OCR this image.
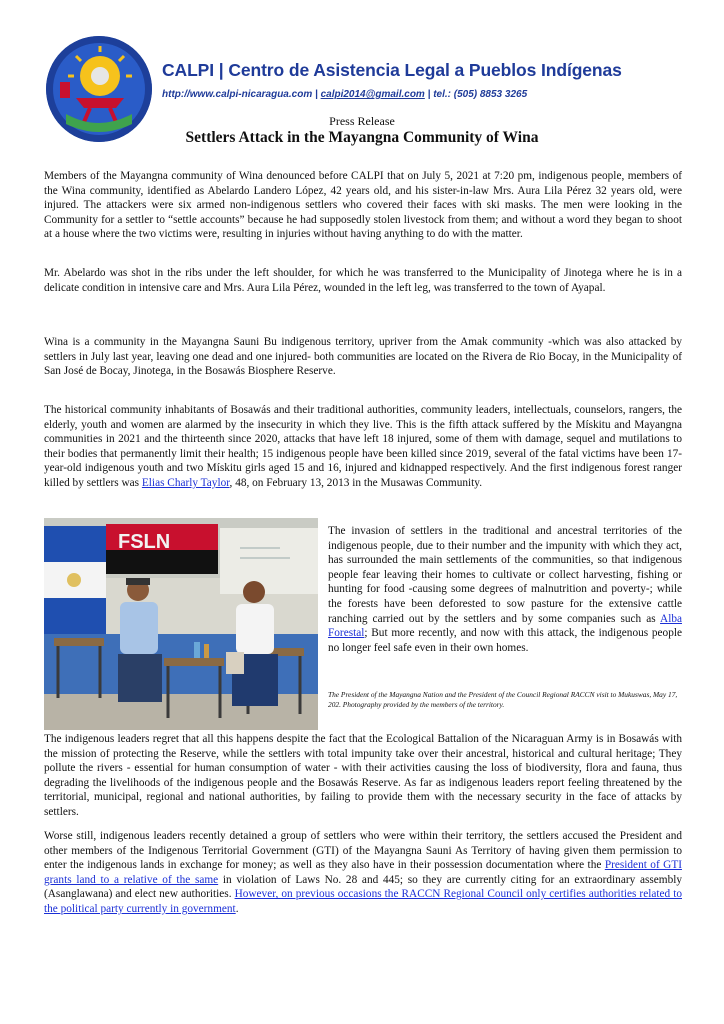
CALPI | Centro de Asistencia Legal a Pueblos Indígenas
http://www.calpi-nicaragua.com | calpi2014@gmail.com | tel.: (505) 8853 3265
Press Release
Settlers Attack in the Mayangna Community of Wina

Members of the Mayangna community of Wina denounced before CALPI that on July 5, 2021 at 7:20 pm, indigenous people, members of the Wina community, identified as Abelardo Landero López, 42 years old, and his sister-in-law Mrs. Aura Lila Pérez 32 years old, were injured. The attackers were six armed non-indigenous settlers who covered their faces with ski masks. The men were looking in the Community for a settler to “settle accounts” because he had supposedly stolen livestock from them; and without a word they began to shoot at a house where the two victims were, resulting in injuries without having anything to do with the matter.

Mr. Abelardo was shot in the ribs under the left shoulder, for which he was transferred to the Municipality of Jinotega where he is in a delicate condition in intensive care and Mrs. Aura Lila Pérez, wounded in the left leg, was transferred to the town of Ayapal.

Wina is a community in the Mayangna Sauni Bu indigenous territory, upriver from the Amak community -which was also attacked by settlers in July last year, leaving one dead and one injured- both communities are located on the Rivera de Rio Bocay, in the Municipality of San José de Bocay, Jinotega, in the Bosawás Biosphere Reserve.

The historical community inhabitants of Bosawás and their traditional authorities, community leaders, intellectuals, counselors, rangers, the elderly, youth and women are alarmed by the insecurity in which they live. This is the fifth attack suffered by the Mískitu and Mayangna communities in 2021 and the thirteenth since 2020, attacks that have left 18 injured, some of them with damage, sequel and mutilations to their bodies that permanently limit their health; 15 indigenous people have been killed since 2019, several of the fatal victims have been 17-year-old indigenous youth and two Mískitu girls aged 15 and 16, injured and kidnapped respectively. And the first indigenous forest ranger killed by settlers was Elias Charly Taylor, 48, on February 13, 2013 in the Musawas Community.

FSLN	The invasion of settlers in the traditional and ancestral territories of the indigenous people, due to their number and the impunity with which they act, has surrounded the main settlements of the communities, so that indigenous people fear leaving their homes to cultivate or collect harvesting, fishing or hunting for food -causing some degrees of malnutrition and poverty-; while the forests have been deforested to sow pasture for the extensive cattle ranching carried out by the settlers and by some companies such as Alba Forestal; But more recently, and now with this attack, the indigenous people no longer feel safe even in their own homes.

The President of the Mayangna Nation and the President of the Council Regional RACCN visit to Mukuswas, May 17, 202. Photography provided by the members of the territory.

The indigenous leaders regret that all this happens despite the fact that the Ecological Battalion of the Nicaraguan Army is in Bosawás with the mission of protecting the Reserve, while the settlers with total impunity take over their ancestral, historical and cultural heritage; They pollute the rivers - essential for human consumption of water - with their activities causing the loss of biodiversity, flora and fauna, thus degrading the livelihoods of the indigenous people and the Bosawás Reserve. As far as indigenous leaders report feeling threatened by the territorial, municipal, regional and national authorities, by failing to provide them with the necessary security in the face of attacks by settlers.

Worse still, indigenous leaders recently detained a group of settlers who were within their territory, the settlers accused the President and other members of the Indigenous Territorial Government (GTI) of the Mayangna Sauni As Territory of having given them permission to enter the indigenous lands in exchange for money; as well as they also have in their possession documentation where the President of GTI grants land to a relative of the same in violation of Laws No. 28 and 445; so they are currently citing for an extraordinary assembly (Asanglawana) and elect new authorities. However, on previous occasions the RACCN Regional Council only certifies authorities related to the political party currently in government.
